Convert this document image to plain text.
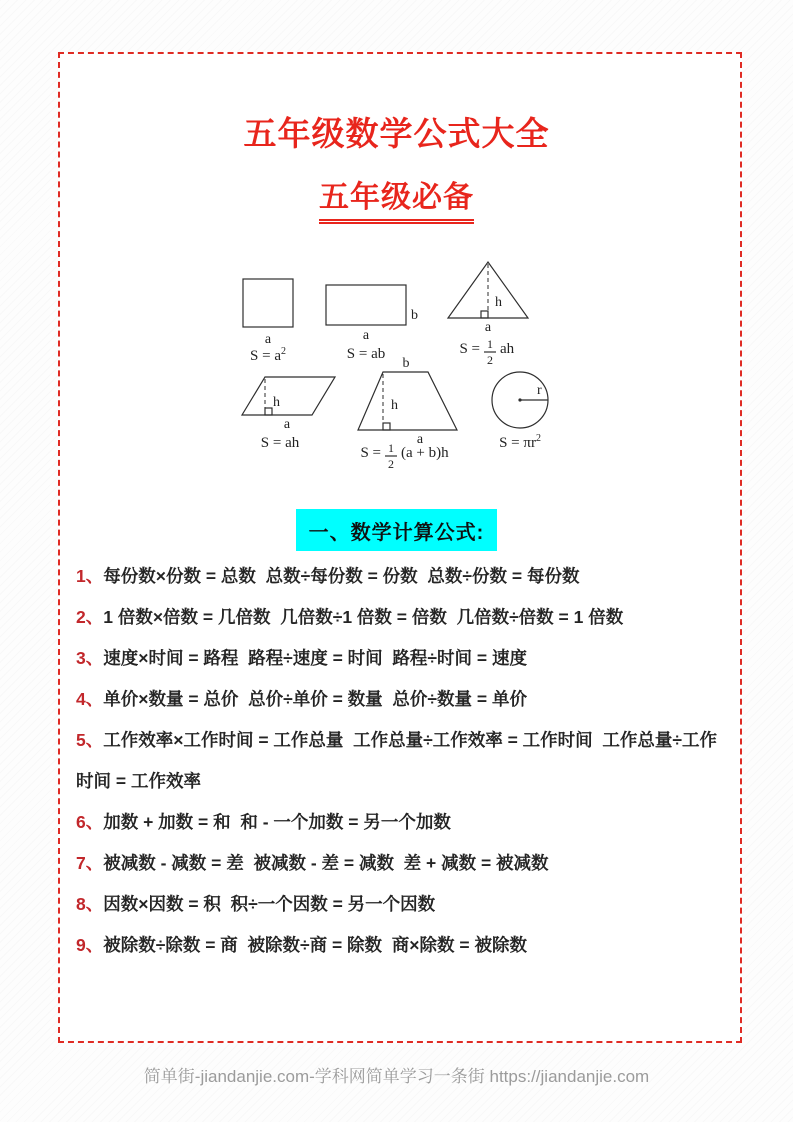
五年级数学公式大全
五年级必备
a
$S = a^2$
b
a
S = ab
h
a
S = 1
2
ah
h
a
S = ah
b
h
a
S = 1
2
(a + b)h
r
$S = \pi r^2$
一、数学计算公式:
1、每份数×份数 = 总数  总数÷每份数 = 份数  总数÷份数 = 每份数
2、1 倍数×倍数 = 几倍数  几倍数÷1 倍数 = 倍数  几倍数÷倍数 = 1 倍数
3、速度×时间 = 路程  路程÷速度 = 时间  路程÷时间 = 速度
4、单价×数量 = 总价  总价÷单价 = 数量  总价÷数量 = 单价
5、工作效率×工作时间 = 工作总量  工作总量÷工作效率 = 工作时间  工作总量÷工作时间 = 工作效率
6、加数 + 加数 = 和  和 - 一个加数 = 另一个加数
7、被减数 - 减数 = 差  被减数 - 差 = 减数  差 + 减数 = 被减数
8、因数×因数 = 积  积÷一个因数 = 另一个因数
9、被除数÷除数 = 商  被除数÷商 = 除数  商×除数 = 被除数
简单街-jiandanjie.com-学科网简单学习一条街 https://jiandanjie.com
